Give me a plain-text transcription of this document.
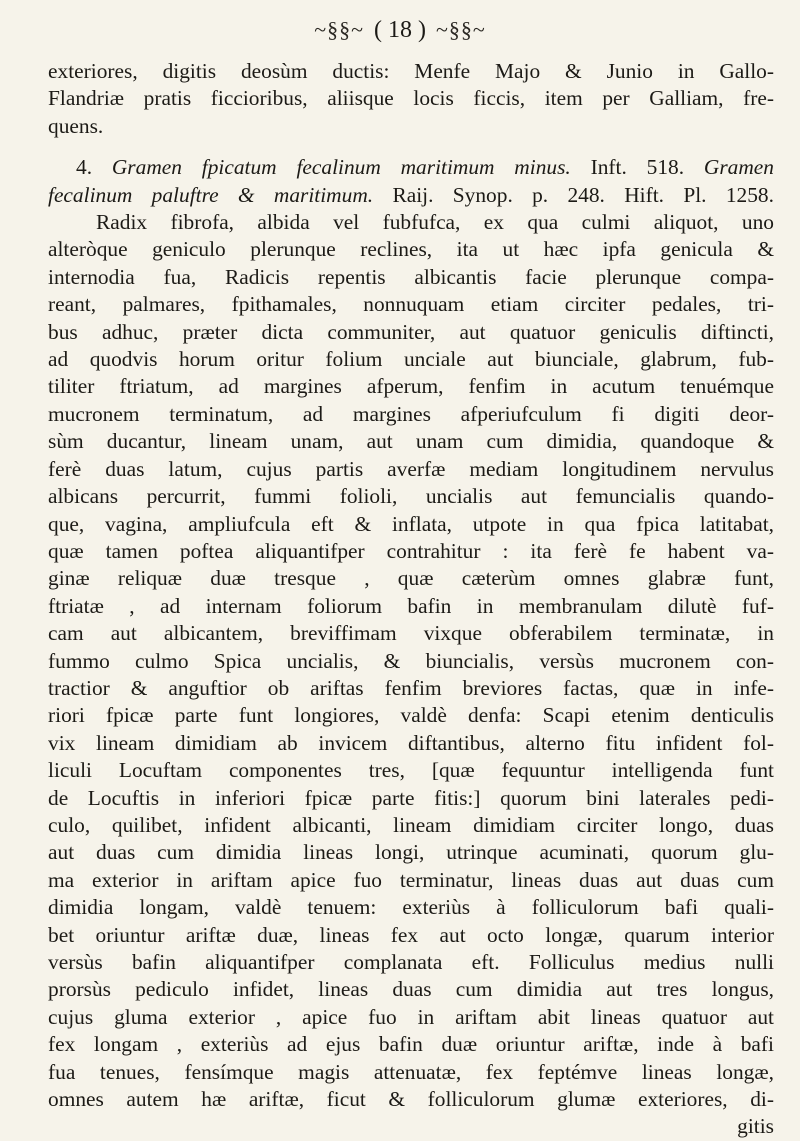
~§§~ ( 18 ) ~§§~
exteriores, digitis deosùm ductis: Menfe Majo & Junio in Gallo-
Flandriæ pratis ficcioribus, aliisque locis ficcis, item per Galliam, fre-
quens.
4. Gramen fpicatum fecalinum maritimum minus. Inft. 518. Gramen
fecalinum paluftre & maritimum. Raij. Synop. p. 248. Hift. Pl. 1258.
Radix fibrofa, albida vel fubfufca, ex qua culmi aliquot, uno
alteròque geniculo plerunque reclines, ita ut hæc ipfa genicula &
internodia fua, Radicis repentis albicantis facie plerunque compa-
reant, palmares, fpithamales, nonnuquam etiam circiter pedales, tri-
bus adhuc, præter dicta communiter, aut quatuor geniculis diftincti,
ad quodvis horum oritur folium unciale aut biunciale, glabrum, fub-
tiliter ftriatum, ad margines afperum, fenfim in acutum tenuémque
mucronem terminatum, ad margines afperiufculum fi digiti deor-
sùm ducantur, lineam unam, aut unam cum dimidia, quandoque &
ferè duas latum, cujus partis averfæ mediam longitudinem nervulus
albicans percurrit, fummi folioli, uncialis aut femuncialis quando-
que, vagina, ampliufcula eft & inflata, utpote in qua fpica latitabat,
quæ tamen poftea aliquantifper contrahitur : ita ferè fe habent va-
ginæ reliquæ duæ tresque , quæ cæterùm omnes glabræ funt,
ftriatæ , ad internam foliorum bafin in membranulam dilutè fuf-
cam aut albicantem, breviffimam vixque obferabilem terminatæ, in
fummo culmo Spica uncialis, & biuncialis, versùs mucronem con-
tractior & anguftior ob ariftas fenfim breviores factas, quæ in infe-
riori fpicæ parte funt longiores, valdè denfa: Scapi etenim denticulis
vix lineam dimidiam ab invicem diftantibus, alterno fitu infident fol-
liculi Locuftam componentes tres, [quæ fequuntur intelligenda funt
de Locuftis in inferiori fpicæ parte fitis:] quorum bini laterales pedi-
culo, quilibet, infident albicanti, lineam dimidiam circiter longo, duas
aut duas cum dimidia lineas longi, utrinque acuminati, quorum glu-
ma exterior in ariftam apice fuo terminatur, lineas duas aut duas cum
dimidia longam, valdè tenuem: exteriùs à folliculorum bafi quali-
bet oriuntur ariftæ duæ, lineas fex aut octo longæ, quarum interior
versùs bafin aliquantifper complanata eft. Folliculus medius nulli
prorsùs pediculo infidet, lineas duas cum dimidia aut tres longus,
cujus gluma exterior , apice fuo in ariftam abit lineas quatuor aut
fex longam , exteriùs ad ejus bafin duæ oriuntur ariftæ, inde à bafi
fua tenues, fensímque magis attenuatæ, fex feptémve lineas longæ,
omnes autem hæ ariftæ, ficut & folliculorum glumæ exteriores, di-
gitis
